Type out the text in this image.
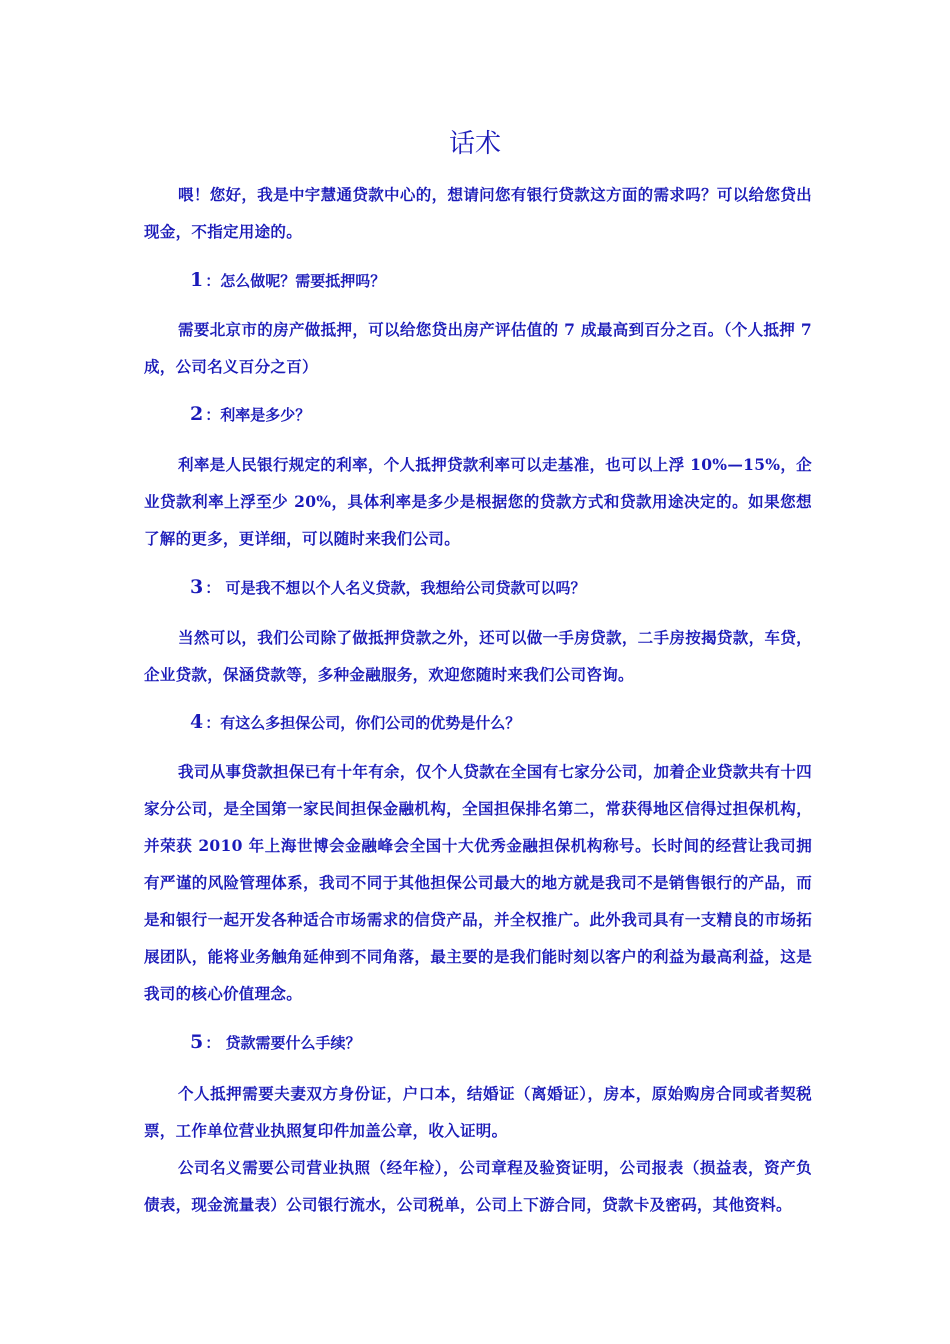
话术

喂！您好，我是中宇慧通贷款中心的，想请问您有银行贷款这方面的需求吗？可以给您贷出现金，不指定用途的。

1 ：怎么做呢？需要抵押吗？

需要北京市的房产做抵押，可以给您贷出房产评估值的 7 成最高到百分之百。（个人抵押 7 成，公司名义百分之百）

2 ：利率是多少？

利率是人民银行规定的利率，个人抵押贷款利率可以走基准，也可以上浮 10%—15%，企业贷款利率上浮至少 20%，具体利率是多少是根据您的贷款方式和贷款用途决定的。如果您想了解的更多，更详细，可以随时来我们公司。

3 ： 可是我不想以个人名义贷款，我想给公司贷款可以吗？

当然可以，我们公司除了做抵押贷款之外，还可以做一手房贷款，二手房按揭贷款，车贷，企业贷款，保涵贷款等，多种金融服务，欢迎您随时来我们公司咨询。

4 ：有这么多担保公司，你们公司的优势是什么？

我司从事贷款担保已有十年有余，仅个人贷款在全国有七家分公司，加着企业贷款共有十四家分公司，是全国第一家民间担保金融机构，全国担保排名第二，常获得地区信得过担保机构，并荣获 2010 年上海世博会金融峰会全国十大优秀金融担保机构称号。长时间的经营让我司拥有严谨的风险管理体系，我司不同于其他担保公司最大的地方就是我司不是销售银行的产品，而是和银行一起开发各种适合市场需求的信贷产品，并全权推广。此外我司具有一支精良的市场拓展团队，能将业务触角延伸到不同角落，最主要的是我们能时刻以客户的利益为最高利益，这是我司的核心价值理念。

5 ： 贷款需要什么手续？

个人抵押需要夫妻双方身份证，户口本，结婚证（离婚证），房本，原始购房合同或者契税票，工作单位营业执照复印件加盖公章，收入证明。

公司名义需要公司营业执照（经年检），公司章程及验资证明，公司报表（损益表，资产负债表，现金流量表）公司银行流水，公司税单，公司上下游合同，贷款卡及密码，其他资料。
